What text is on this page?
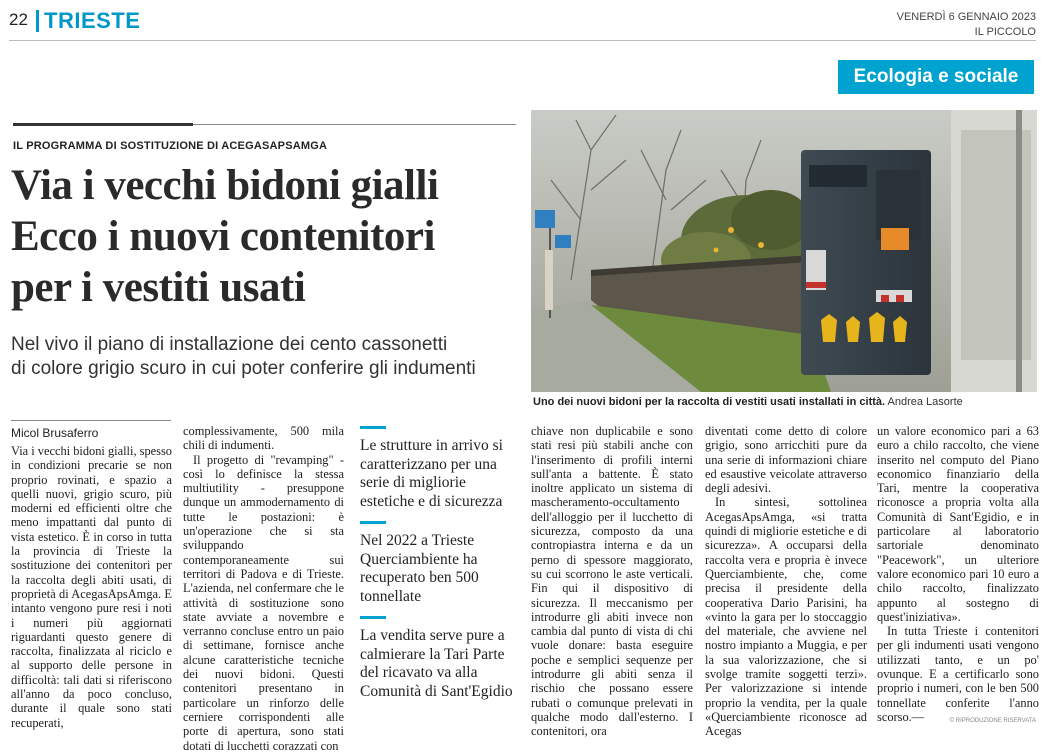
22 TRIESTE	VENERDÌ 6 GENNAIO 2023
IL PICCOLO
Ecologia e sociale
IL PROGRAMMA DI SOSTITUZIONE DI ACEGASAPSAMGA
Via i vecchi bidoni gialli
Ecco i nuovi contenitori
per i vestiti usati
Nel vivo il piano di installazione dei cento cassonetti
di colore grigio scuro in cui poter conferire gli indumenti
Uno dei nuovi bidoni per la raccolta di vestiti usati installati in città. Andrea Lasorte
Micol Brusaferro

Via i vecchi bidoni gialli, spesso in condizioni precarie se non proprio rovinati, e spazio a quelli nuovi, grigio scuro, più moderni ed efficienti oltre che meno impattanti dal punto di vista estetico. È in corso in tutta la provincia di Trieste la sostituzione dei contenitori per la raccolta degli abiti usati, di proprietà di AcegasApsAmga. E intanto vengono pure resi i noti i numeri più aggiornati riguardanti questo genere di raccolta, finalizzata al riciclo e al supporto delle persone in difficoltà: tali dati si riferiscono all'anno da poco concluso, durante il quale sono stati recuperati,

complessivamente, 500 mila chili di indumenti.

Il progetto di "revamping" - così lo definisce la stessa multiutility - presuppone dunque un ammodernamento di tutte le postazioni: è un'operazione che si sta sviluppando contemporaneamente sui territori di Padova e di Trieste. L'azienda, nel confermare che le attività di sostituzione sono state avviate a novembre e verranno concluse entro un paio di settimane, fornisce anche alcune caratteristiche tecniche dei nuovi bidoni. Questi contenitori presentano in particolare un rinforzo delle cerniere corrispondenti alle porte di apertura, sono stati dotati di lucchetti corazzati con

Le strutture in arrivo si caratterizzano per una serie di migliorie estetiche e di sicurezza
Nel 2022 a Trieste Querciambiente ha recuperato ben 500 tonnellate
La vendita serve pure a calmierare la Tari Parte del ricavato va alla Comunità di Sant'Egidio

chiave non duplicabile e sono stati resi più stabili anche con l'inserimento di profili interni sull'anta a battente. È stato inoltre applicato un sistema di mascheramento-occultamento dell'alloggio per il lucchetto di sicurezza, composto da una contropiastra interna e da un perno di spessore maggiorato, su cui scorrono le aste verticali. Fin qui il dispositivo di sicurezza. Il meccanismo per introdurre gli abiti invece non cambia dal punto di vista di chi vuole donare: basta eseguire poche e semplici sequenze per introdurre gli abiti senza il rischio che possano essere rubati o comunque prelevati in qualche modo dall'esterno. I contenitori, ora

diventati come detto di colore grigio, sono arricchiti pure da una serie di informazioni chiare ed esaustive veicolate attraverso degli adesivi.

In sintesi, sottolinea AcegasApsAmga, «si tratta quindi di migliorie estetiche e di sicurezza». A occuparsi della raccolta vera e propria è invece Querciambiente, che, come precisa il presidente della cooperativa Dario Parisini, ha «vinto la gara per lo stoccaggio del materiale, che avviene nel nostro impianto a Muggia, e per la sua valorizzazione, che si svolge tramite soggetti terzi». Per valorizzazione si intende proprio la vendita, per la quale «Querciambiente riconosce ad Acegas

un valore economico pari a 63 euro a chilo raccolto, che viene inserito nel computo del Piano economico finanziario della Tari, mentre la cooperativa riconosce a propria volta alla Comunità di Sant'Egidio, e in particolare al laboratorio sartoriale denominato "Peacework", un ulteriore valore economico pari 10 euro a chilo raccolto, finalizzato appunto al sostegno di quest'iniziativa».

In tutta Trieste i contenitori per gli indumenti usati vengono utilizzati tanto, e un po' ovunque. E a certificarlo sono proprio i numeri, con le ben 500 tonnellate conferite l'anno scorso.—	© RIPRODUZIONE RISERVATA
